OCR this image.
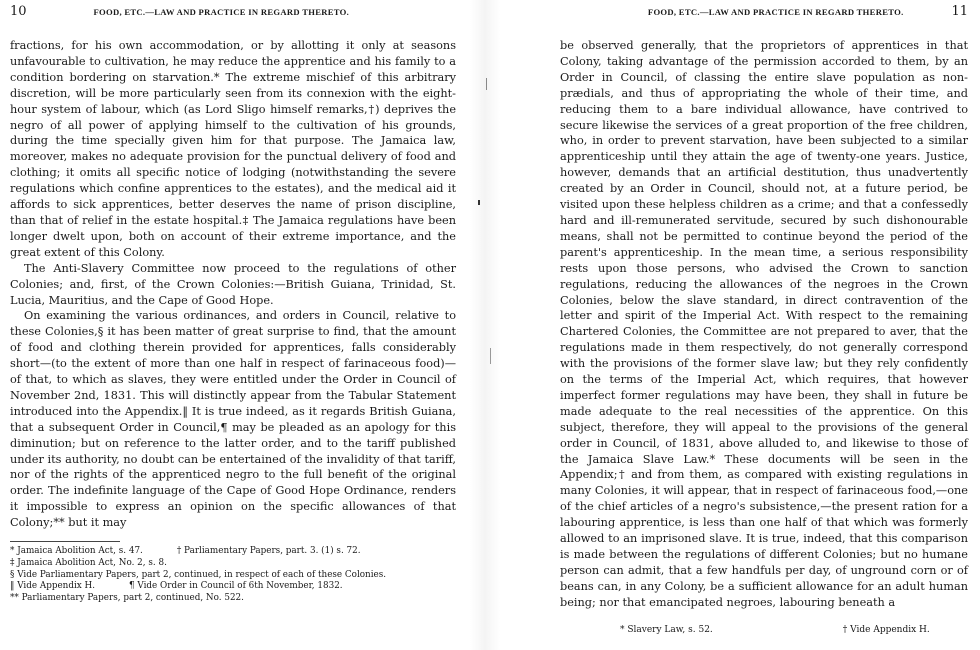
10	FOOD, ETC.—LAW AND PRACTICE IN REGARD THERETO.

fractions, for his own accommodation, or by allotting it only at seasons unfavourable to cultivation, he may reduce the apprentice and his family to a condition bordering on starvation.* The extreme mischief of this arbitrary discretion, will be more particularly seen from its connexion with the eight-hour system of labour, which (as Lord Sligo himself remarks,†) deprives the negro of all power of applying himself to the cultivation of his grounds, during the time specially given him for that purpose. The Jamaica law, moreover, makes no adequate provision for the punctual delivery of food and clothing; it omits all specific notice of lodging (notwithstanding the severe regulations which confine apprentices to the estates), and the medical aid it affords to sick apprentices, better deserves the name of prison discipline, than that of relief in the estate hospital.‡ The Jamaica regulations have been longer dwelt upon, both on account of their extreme importance, and the great extent of this Colony.

The Anti-Slavery Committee now proceed to the regulations of other Colonies; and, first, of the Crown Colonies:—British Guiana, Trinidad, St. Lucia, Mauritius, and the Cape of Good Hope.

On examining the various ordinances, and orders in Council, relative to these Colonies,§ it has been matter of great surprise to find, that the amount of food and clothing therein provided for apprentices, falls considerably short—(to the extent of more than one half in respect of farinaceous food)—of that, to which as slaves, they were entitled under the Order in Council of November 2nd, 1831. This will distinctly appear from the Tabular Statement introduced into the Appendix.‖ It is true indeed, as it regards British Guiana, that a subsequent Order in Council,¶ may be pleaded as an apology for this diminution; but on reference to the latter order, and to the tariff published under its authority, no doubt can be entertained of the invalidity of that tariff, nor of the rights of the apprenticed negro to the full benefit of the original order. The indefinite language of the Cape of Good Hope Ordinance, renders it impossible to express an opinion on the specific allowances of that Colony;** but it may

* Jamaica Abolition Act, s. 47.	† Parliamentary Papers, part. 3. (1) s. 72.

‡ Jamaica Abolition Act, No. 2, s. 8.

§ Vide Parliamentary Papers, part 2, continued, in respect of each of these Colonies.

‖ Vide Appendix H.	¶ Vide Order in Council of 6th November, 1832.

** Parliamentary Papers, part 2, continued, No. 522.

FOOD, ETC.—LAW AND PRACTICE IN REGARD THERETO.	11

be observed generally, that the proprietors of apprentices in that Colony, taking advantage of the permission accorded to them, by an Order in Council, of classing the entire slave population as non-prædials, and thus of appropriating the whole of their time, and reducing them to a bare individual allowance, have contrived to secure likewise the services of a great proportion of the free children, who, in order to prevent starvation, have been subjected to a similar apprenticeship until they attain the age of twenty-one years. Justice, however, demands that an artificial destitution, thus unadvertently created by an Order in Council, should not, at a future period, be visited upon these helpless children as a crime; and that a confessedly hard and ill-remunerated servitude, secured by such dishonourable means, shall not be permitted to continue beyond the period of the parent's apprenticeship. In the mean time, a serious responsibility rests upon those persons, who advised the Crown to sanction regulations, reducing the allowances of the negroes in the Crown Colonies, below the slave standard, in direct contravention of the letter and spirit of the Imperial Act. With respect to the remaining Chartered Colonies, the Committee are not prepared to aver, that the regulations made in them respectively, do not generally correspond with the provisions of the former slave law; but they rely confidently on the terms of the Imperial Act, which requires, that however imperfect former regulations may have been, they shall in future be made adequate to the real necessities of the apprentice. On this subject, therefore, they will appeal to the provisions of the general order in Council, of 1831, above alluded to, and likewise to those of the Jamaica Slave Law.* These documents will be seen in the Appendix;† and from them, as compared with existing regulations in many Colonies, it will appear, that in respect of farinaceous food,—one of the chief articles of a negro's subsistence,—the present ration for a labouring apprentice, is less than one half of that which was formerly allowed to an imprisoned slave. It is true, indeed, that this comparison is made between the regulations of different Colonies; but no humane person can admit, that a few handfuls per day, of unground corn or of beans can, in any Colony, be a sufficient allowance for an adult human being; nor that emancipated negroes, labouring beneath a

* Slavery Law, s. 52.	† Vide Appendix H.
